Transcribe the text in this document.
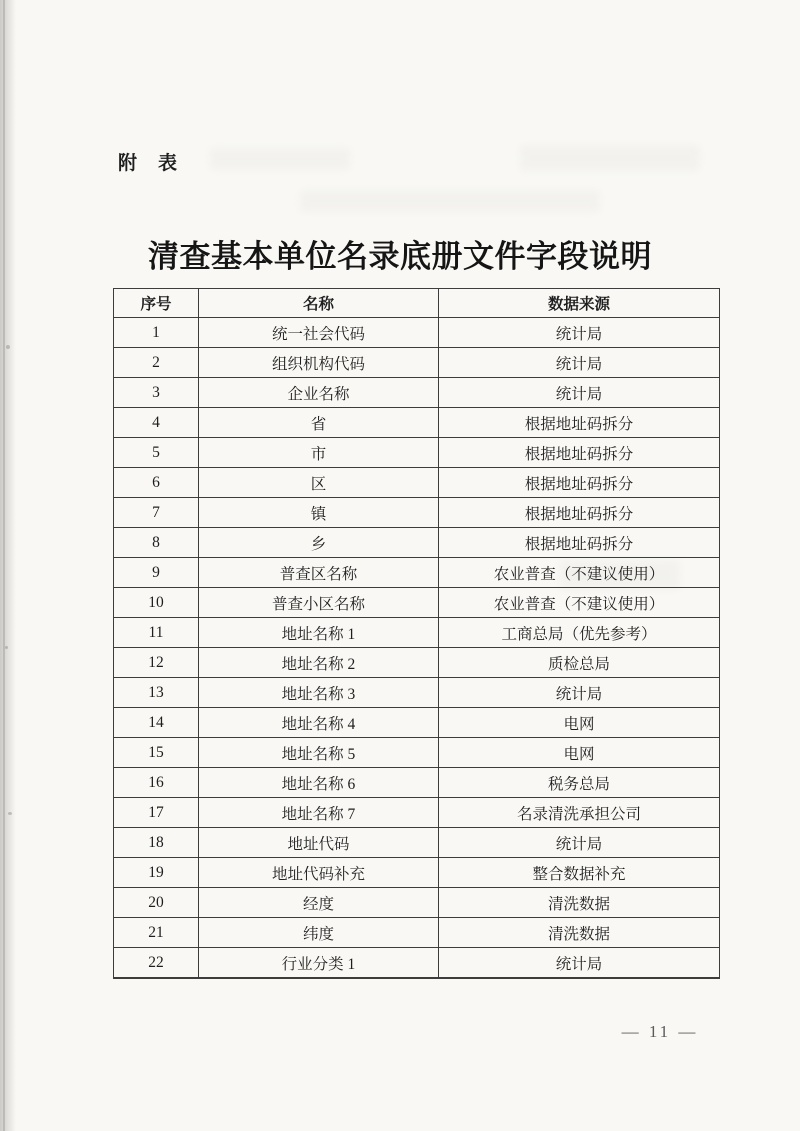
附　表
清查基本单位名录底册文件字段说明
序号	名称	数据来源
1	统一社会代码	统计局
2	组织机构代码	统计局
3	企业名称	统计局
4	省	根据地址码拆分
5	市	根据地址码拆分
6	区	根据地址码拆分
7	镇	根据地址码拆分
8	乡	根据地址码拆分
9	普查区名称	农业普查（不建议使用）
10	普查小区名称	农业普查（不建议使用）
11	地址名称 1	工商总局（优先参考）
12	地址名称 2	质检总局
13	地址名称 3	统计局
14	地址名称 4	电网
15	地址名称 5	电网
16	地址名称 6	税务总局
17	地址名称 7	名录清洗承担公司
18	地址代码	统计局
19	地址代码补充	整合数据补充
20	经度	清洗数据
21	纬度	清洗数据
22	行业分类 1	统计局
— 11 —
